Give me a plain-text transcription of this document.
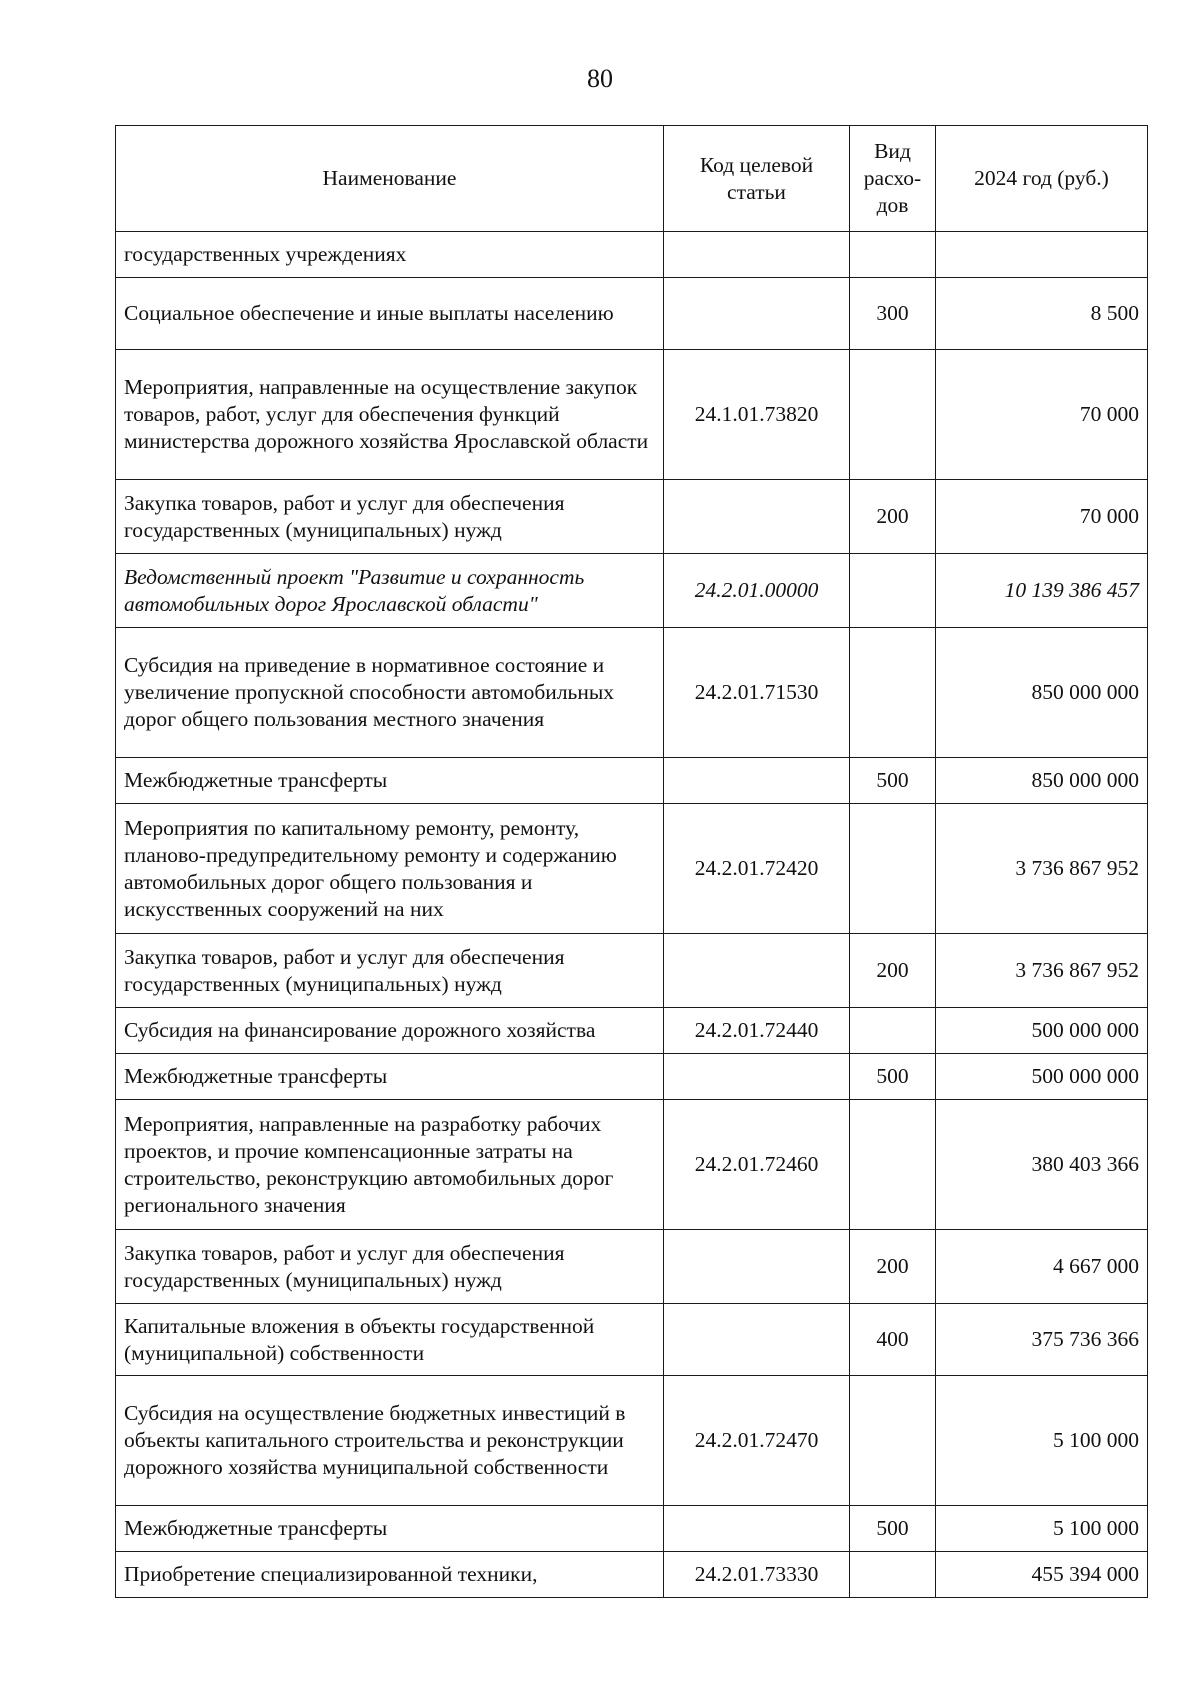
80
Наименование	Код целевой статьи	Вид расхо-дов	2024 год (руб.)
государственных учреждениях			
Социальное обеспечение и иные выплаты населению		300	8 500
Мероприятия, направленные на осуществление закупок товаров, работ, услуг для обеспечения функций министерства дорожного хозяйства Ярославской области	24.1.01.73820		70 000
Закупка товаров, работ и услуг для обеспечения государственных (муниципальных) нужд		200	70 000
Ведомственный проект "Развитие и сохранность автомобильных дорог Ярославской области"	24.2.01.00000		10 139 386 457
Субсидия на приведение в нормативное состояние и увеличение пропускной способности автомобильных дорог общего пользования местного значения	24.2.01.71530		850 000 000
Межбюджетные трансферты		500	850 000 000
Мероприятия по капитальному ремонту, ремонту, планово-предупредительному ремонту и содержанию автомобильных дорог общего пользования и искусственных сооружений на них	24.2.01.72420		3 736 867 952
Закупка товаров, работ и услуг для обеспечения государственных (муниципальных) нужд		200	3 736 867 952
Субсидия на финансирование дорожного хозяйства	24.2.01.72440		500 000 000
Межбюджетные трансферты		500	500 000 000
Мероприятия, направленные на разработку рабочих проектов, и прочие компенсационные затраты на строительство, реконструкцию автомобильных дорог регионального значения	24.2.01.72460		380 403 366
Закупка товаров, работ и услуг для обеспечения государственных (муниципальных) нужд		200	4 667 000
Капитальные вложения в объекты государственной (муниципальной) собственности		400	375 736 366
Субсидия на осуществление бюджетных инвестиций в объекты капитального строительства и реконструкции дорожного хозяйства муниципальной собственности	24.2.01.72470		5 100 000
Межбюджетные трансферты		500	5 100 000
Приобретение специализированной техники,	24.2.01.73330		455 394 000
